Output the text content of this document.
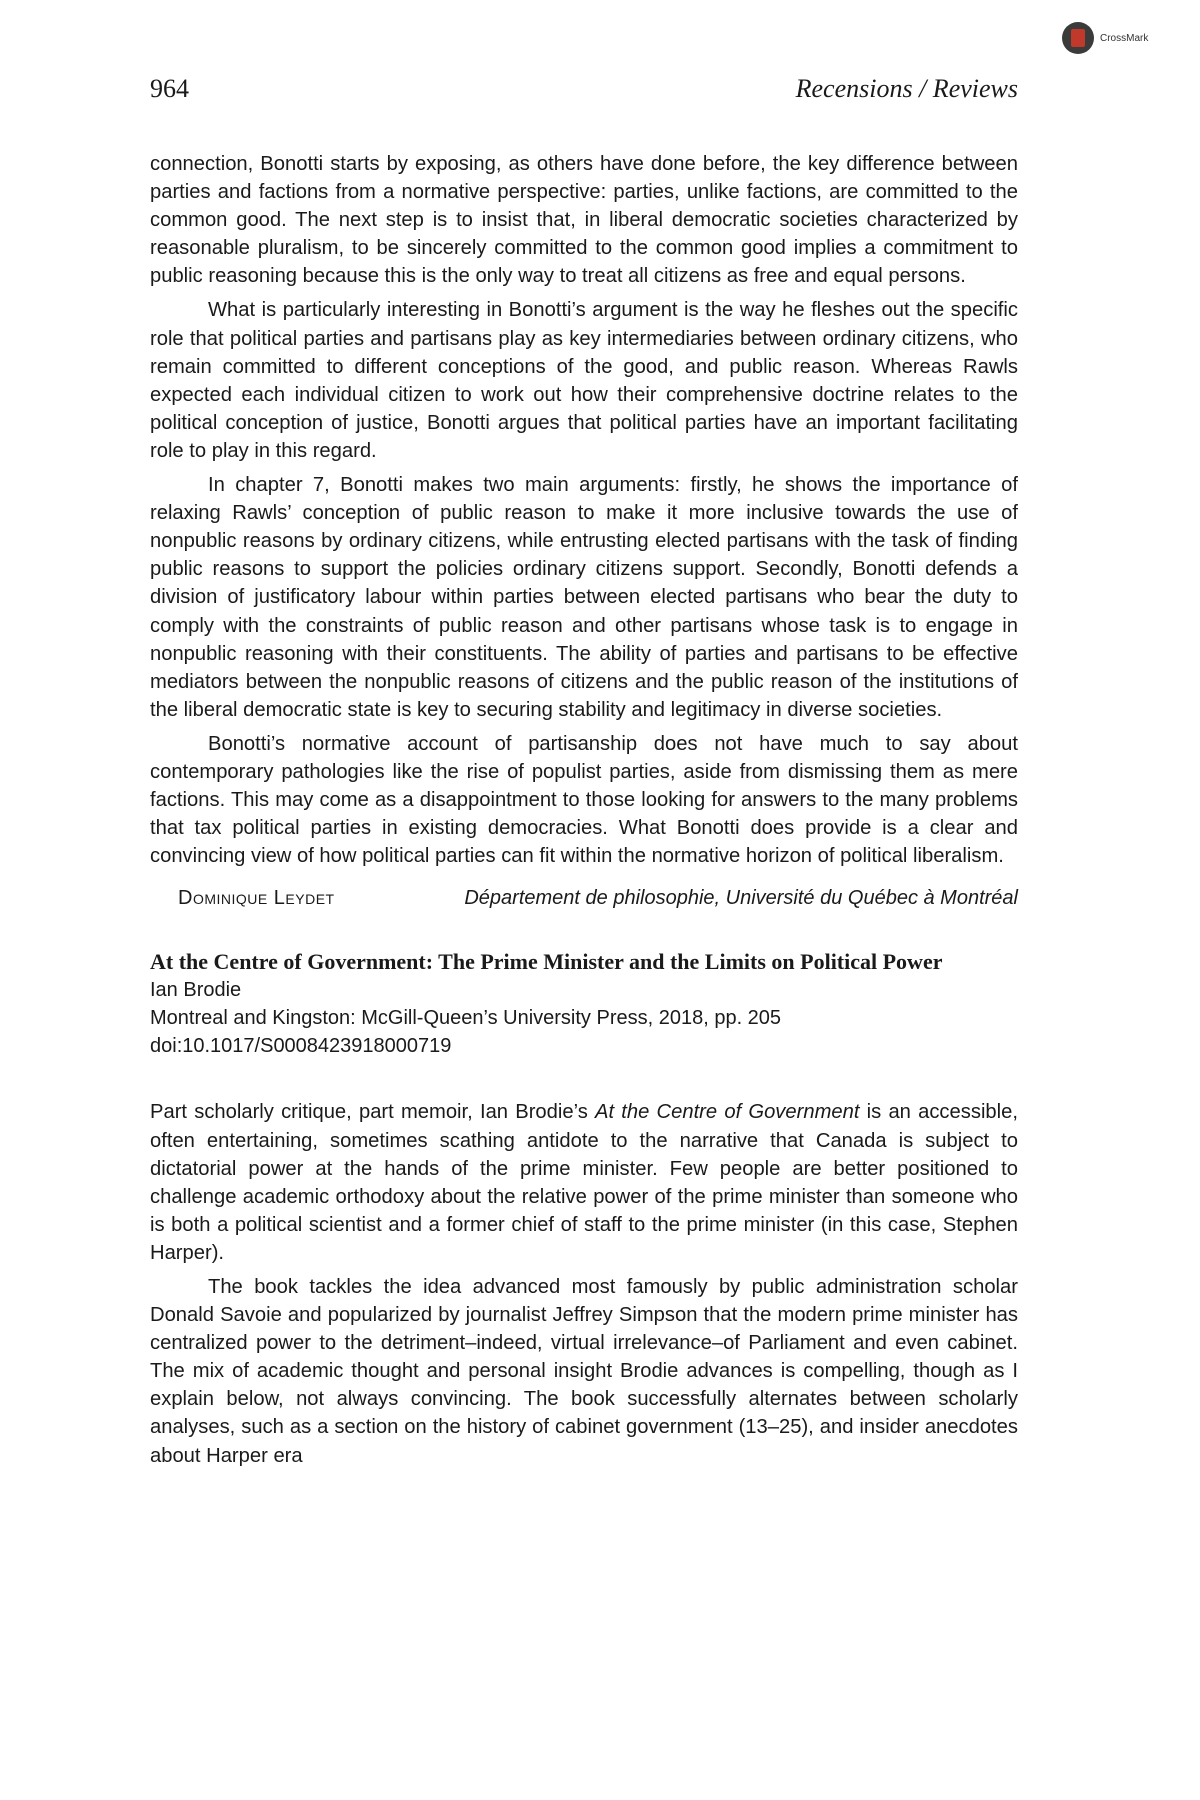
CrossMark
964	Recensions / Reviews

connection, Bonotti starts by exposing, as others have done before, the key difference between parties and factions from a normative perspective: parties, unlike factions, are committed to the common good. The next step is to insist that, in liberal democratic societies characterized by reasonable pluralism, to be sincerely committed to the common good implies a commitment to public reasoning because this is the only way to treat all citizens as free and equal persons.

What is particularly interesting in Bonotti’s argument is the way he fleshes out the specific role that political parties and partisans play as key intermediaries between ordinary citizens, who remain committed to different conceptions of the good, and public reason. Whereas Rawls expected each individual citizen to work out how their comprehensive doctrine relates to the political conception of justice, Bonotti argues that political parties have an important facilitating role to play in this regard.

In chapter 7, Bonotti makes two main arguments: firstly, he shows the importance of relaxing Rawls’ conception of public reason to make it more inclusive towards the use of nonpublic reasons by ordinary citizens, while entrusting elected partisans with the task of finding public reasons to support the policies ordinary citizens support. Secondly, Bonotti defends a division of justificatory labour within parties between elected partisans who bear the duty to comply with the constraints of public reason and other partisans whose task is to engage in nonpublic reasoning with their constituents. The ability of parties and partisans to be effective mediators between the nonpublic reasons of citizens and the public reason of the institutions of the liberal democratic state is key to securing stability and legitimacy in diverse societies.

Bonotti’s normative account of partisanship does not have much to say about contemporary pathologies like the rise of populist parties, aside from dismissing them as mere factions. This may come as a disappointment to those looking for answers to the many problems that tax political parties in existing democracies. What Bonotti does provide is a clear and convincing view of how political parties can fit within the normative horizon of political liberalism.

Dominique Leydet	Département de philosophie, Université du Québec à Montréal
At the Centre of Government: The Prime Minister and the Limits on Political Power
Ian Brodie
Montreal and Kingston: McGill-Queen’s University Press, 2018, pp. 205
doi:10.1017/S0008423918000719

Part scholarly critique, part memoir, Ian Brodie’s At the Centre of Government is an accessible, often entertaining, sometimes scathing antidote to the narrative that Canada is subject to dictatorial power at the hands of the prime minister. Few people are better positioned to challenge academic orthodoxy about the relative power of the prime minister than someone who is both a political scientist and a former chief of staff to the prime minister (in this case, Stephen Harper).

The book tackles the idea advanced most famously by public administration scholar Donald Savoie and popularized by journalist Jeffrey Simpson that the modern prime minister has centralized power to the detriment–indeed, virtual irrelevance–of Parliament and even cabinet. The mix of academic thought and personal insight Brodie advances is compelling, though as I explain below, not always convincing. The book successfully alternates between scholarly analyses, such as a section on the history of cabinet government (13–25), and insider anecdotes about Harper era
